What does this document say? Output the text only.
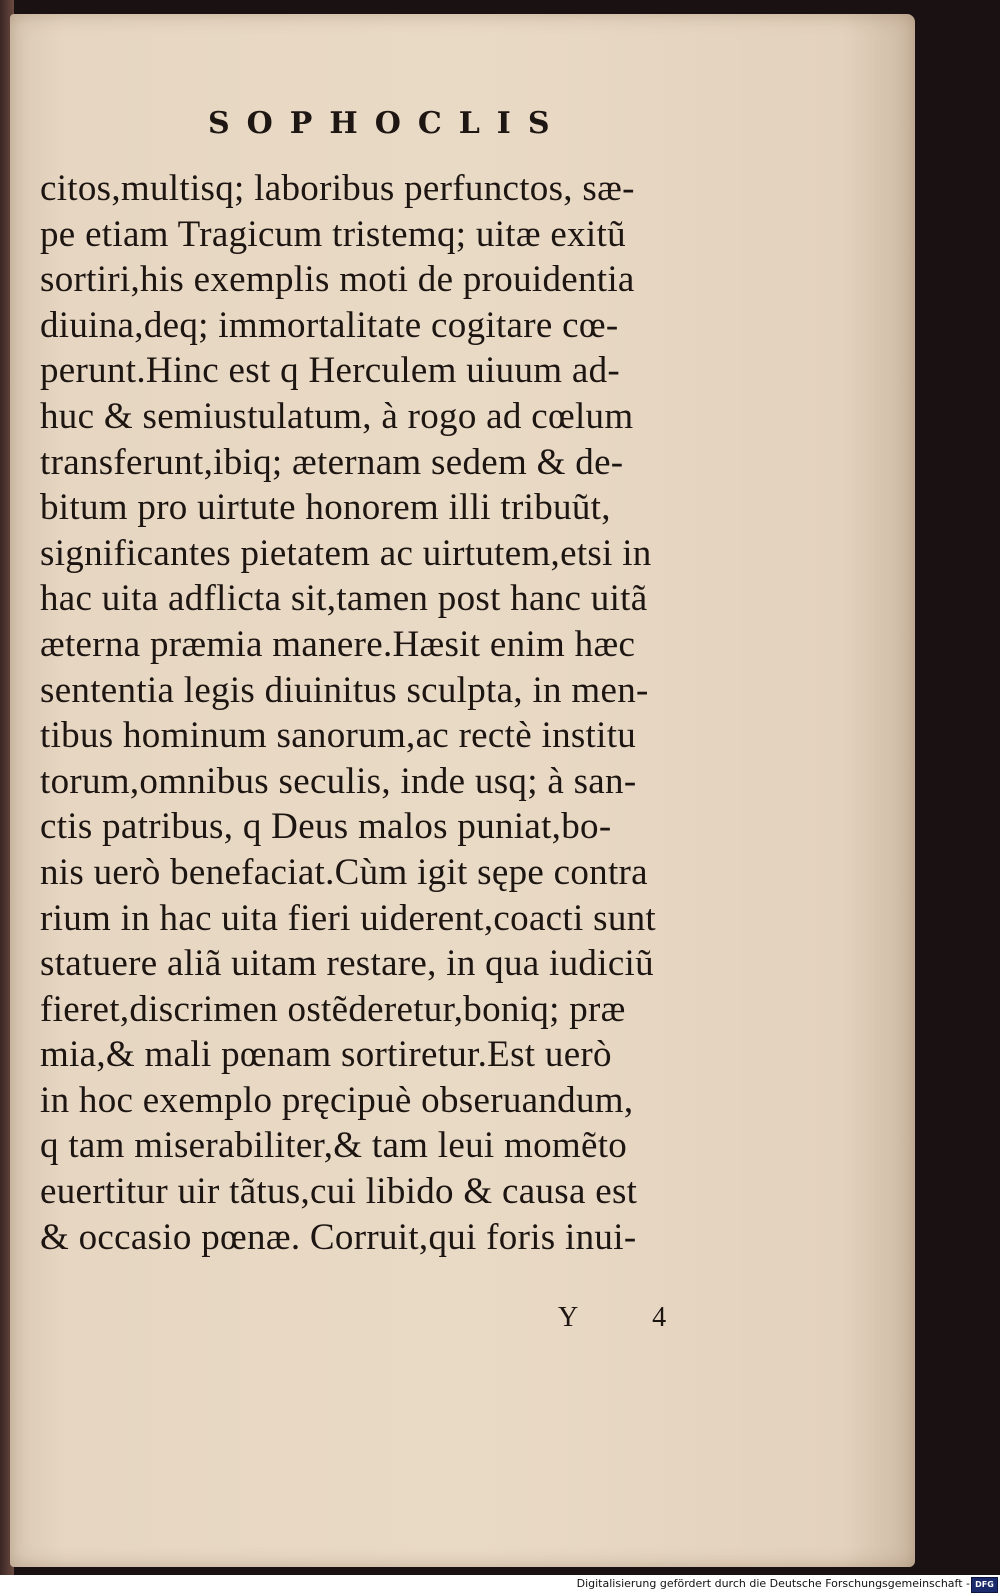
SOPHOCLIS
citos,multisq; laboribus perfunctos, sæ-
pe etiam Tragicum tristemq; uitæ exitũ
sortiri,his exemplis moti de prouidentia
diuina,deq; immortalitate cogitare cœ-
perunt.Hinc est q Herculem uiuum ad-
huc & semiustulatum, à rogo ad cœlum
transferunt,ibiq; æternam sedem & de-
bitum pro uirtute honorem illi tribuũt,
significantes pietatem ac uirtutem,etsi in
hac uita adflicta sit,tamen post hanc uitã
æterna præmia manere.Hæsit enim hæc
sententia legis diuinitus sculpta, in men-
tibus hominum sanorum,ac rectè institu
torum,omnibus seculis, inde usq; à san-
ctis patribus, q Deus malos puniat,bo-
nis uerò benefaciat.Cùm igit sępe contra
rium in hac uita fieri uiderent,coacti sunt
statuere aliã uitam restare, in qua iudiciũ
fieret,discrimen ostẽderetur,boniq; præ
mia,& mali pœnam sortiretur.Est uerò
in hoc exemplo pręcipuè obseruandum,
q tam miserabiliter,& tam leui momẽto
euertitur uir tãtus,cui libido & causa est
& occasio pœnæ. Corruit,qui foris inui-
Y 4
Digitalisierung gefördert durch die Deutsche Forschungsgemeinschaft - DFG
